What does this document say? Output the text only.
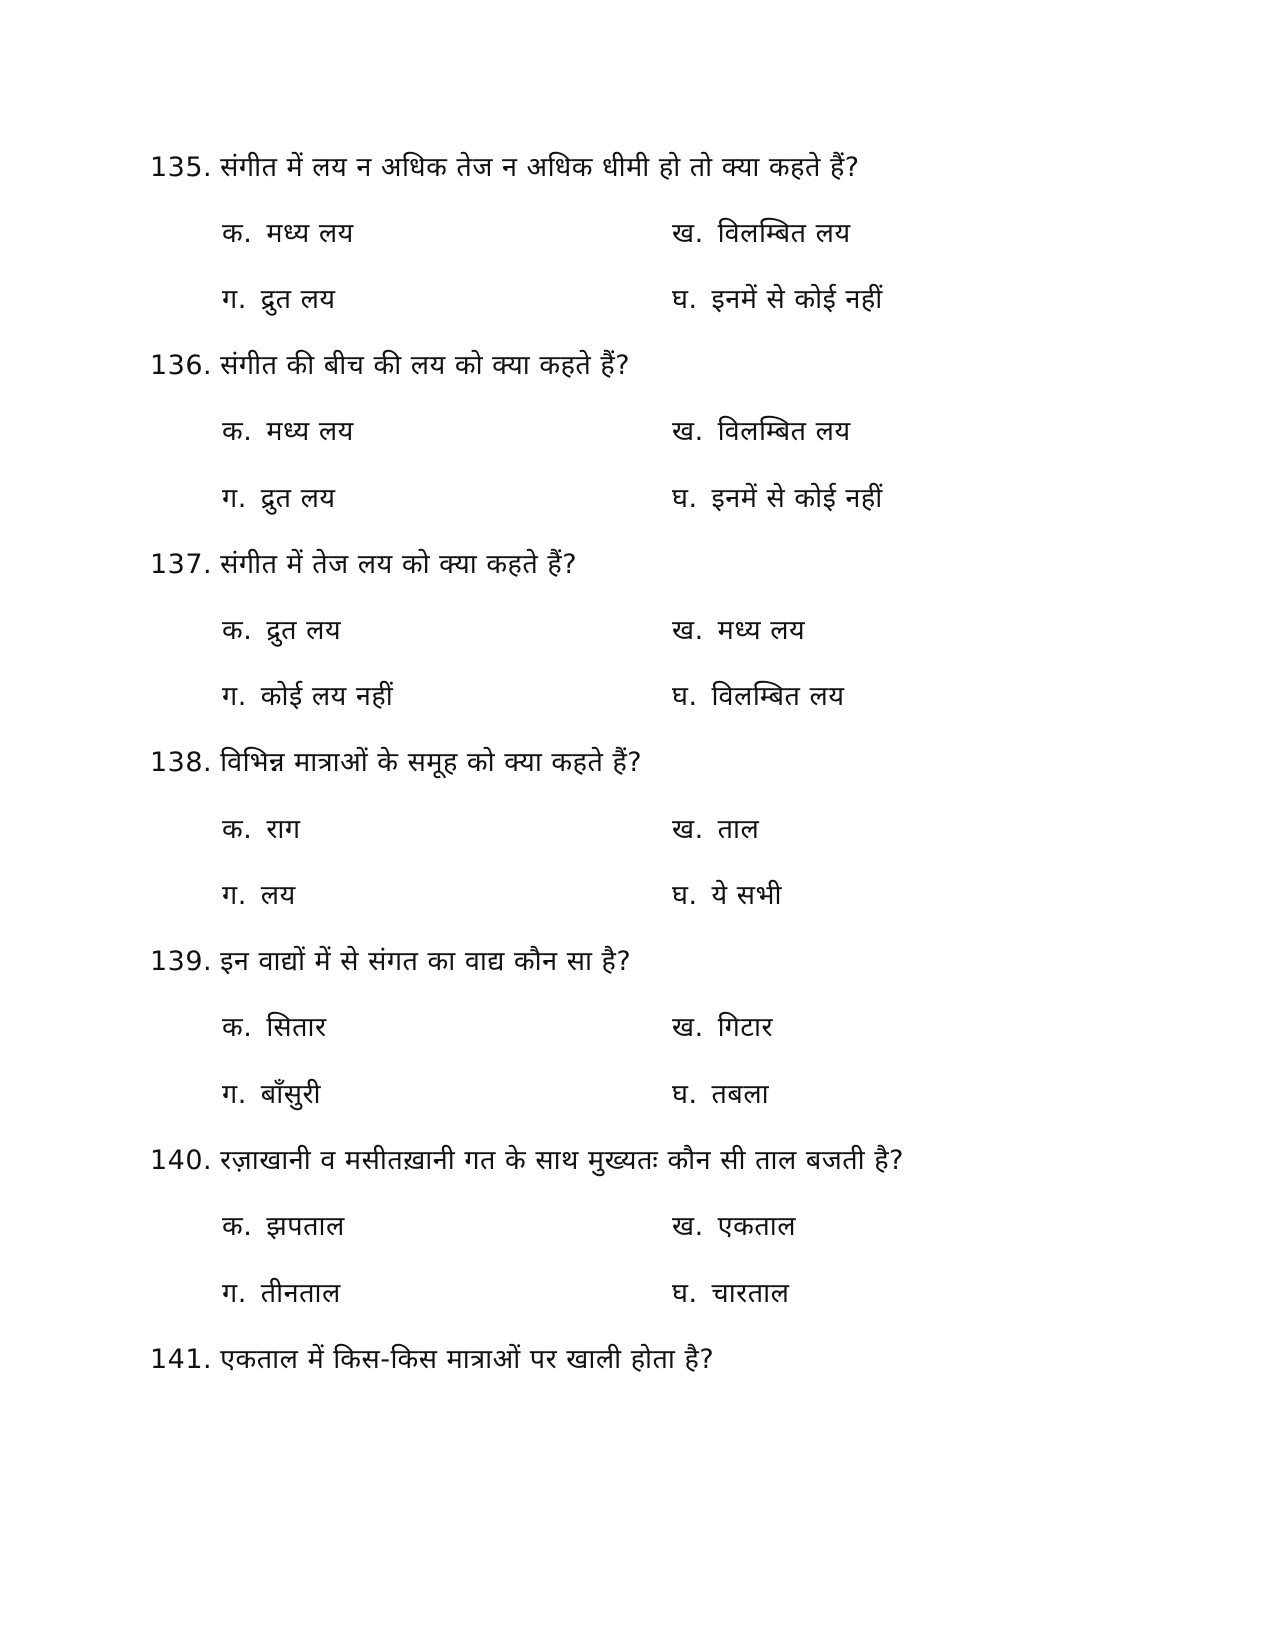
135. संगीत में लय न अधिक तेज न अधिक धीमी हो तो क्या कहते हैं?
क. मध्य लय	ख. विलम्बित लय
ग. द्रुत लय	घ. इनमें से कोई नहीं
136. संगीत की बीच की लय को क्या कहते हैं?
क. मध्य लय	ख. विलम्बित लय
ग. द्रुत लय	घ. इनमें से कोई नहीं
137. संगीत में तेज लय को क्या कहते हैं?
क. द्रुत लय	ख. मध्य लय
ग. कोई लय नहीं	घ. विलम्बित लय
138. विभिन्न मात्राओं के समूह को क्या कहते हैं?
क. राग	ख. ताल
ग. लय	घ. ये सभी
139. इन वाद्यों में से संगत का वाद्य कौन सा है?
क. सितार	ख. गिटार
ग. बाँसुरी	घ. तबला
140. रज़ाखानी व मसीतख़ानी गत के साथ मुख्यतः कौन सी ताल बजती है?
क. झपताल	ख. एकताल
ग. तीनताल	घ. चारताल
141. एकताल में किस-किस मात्राओं पर खाली होता है?
